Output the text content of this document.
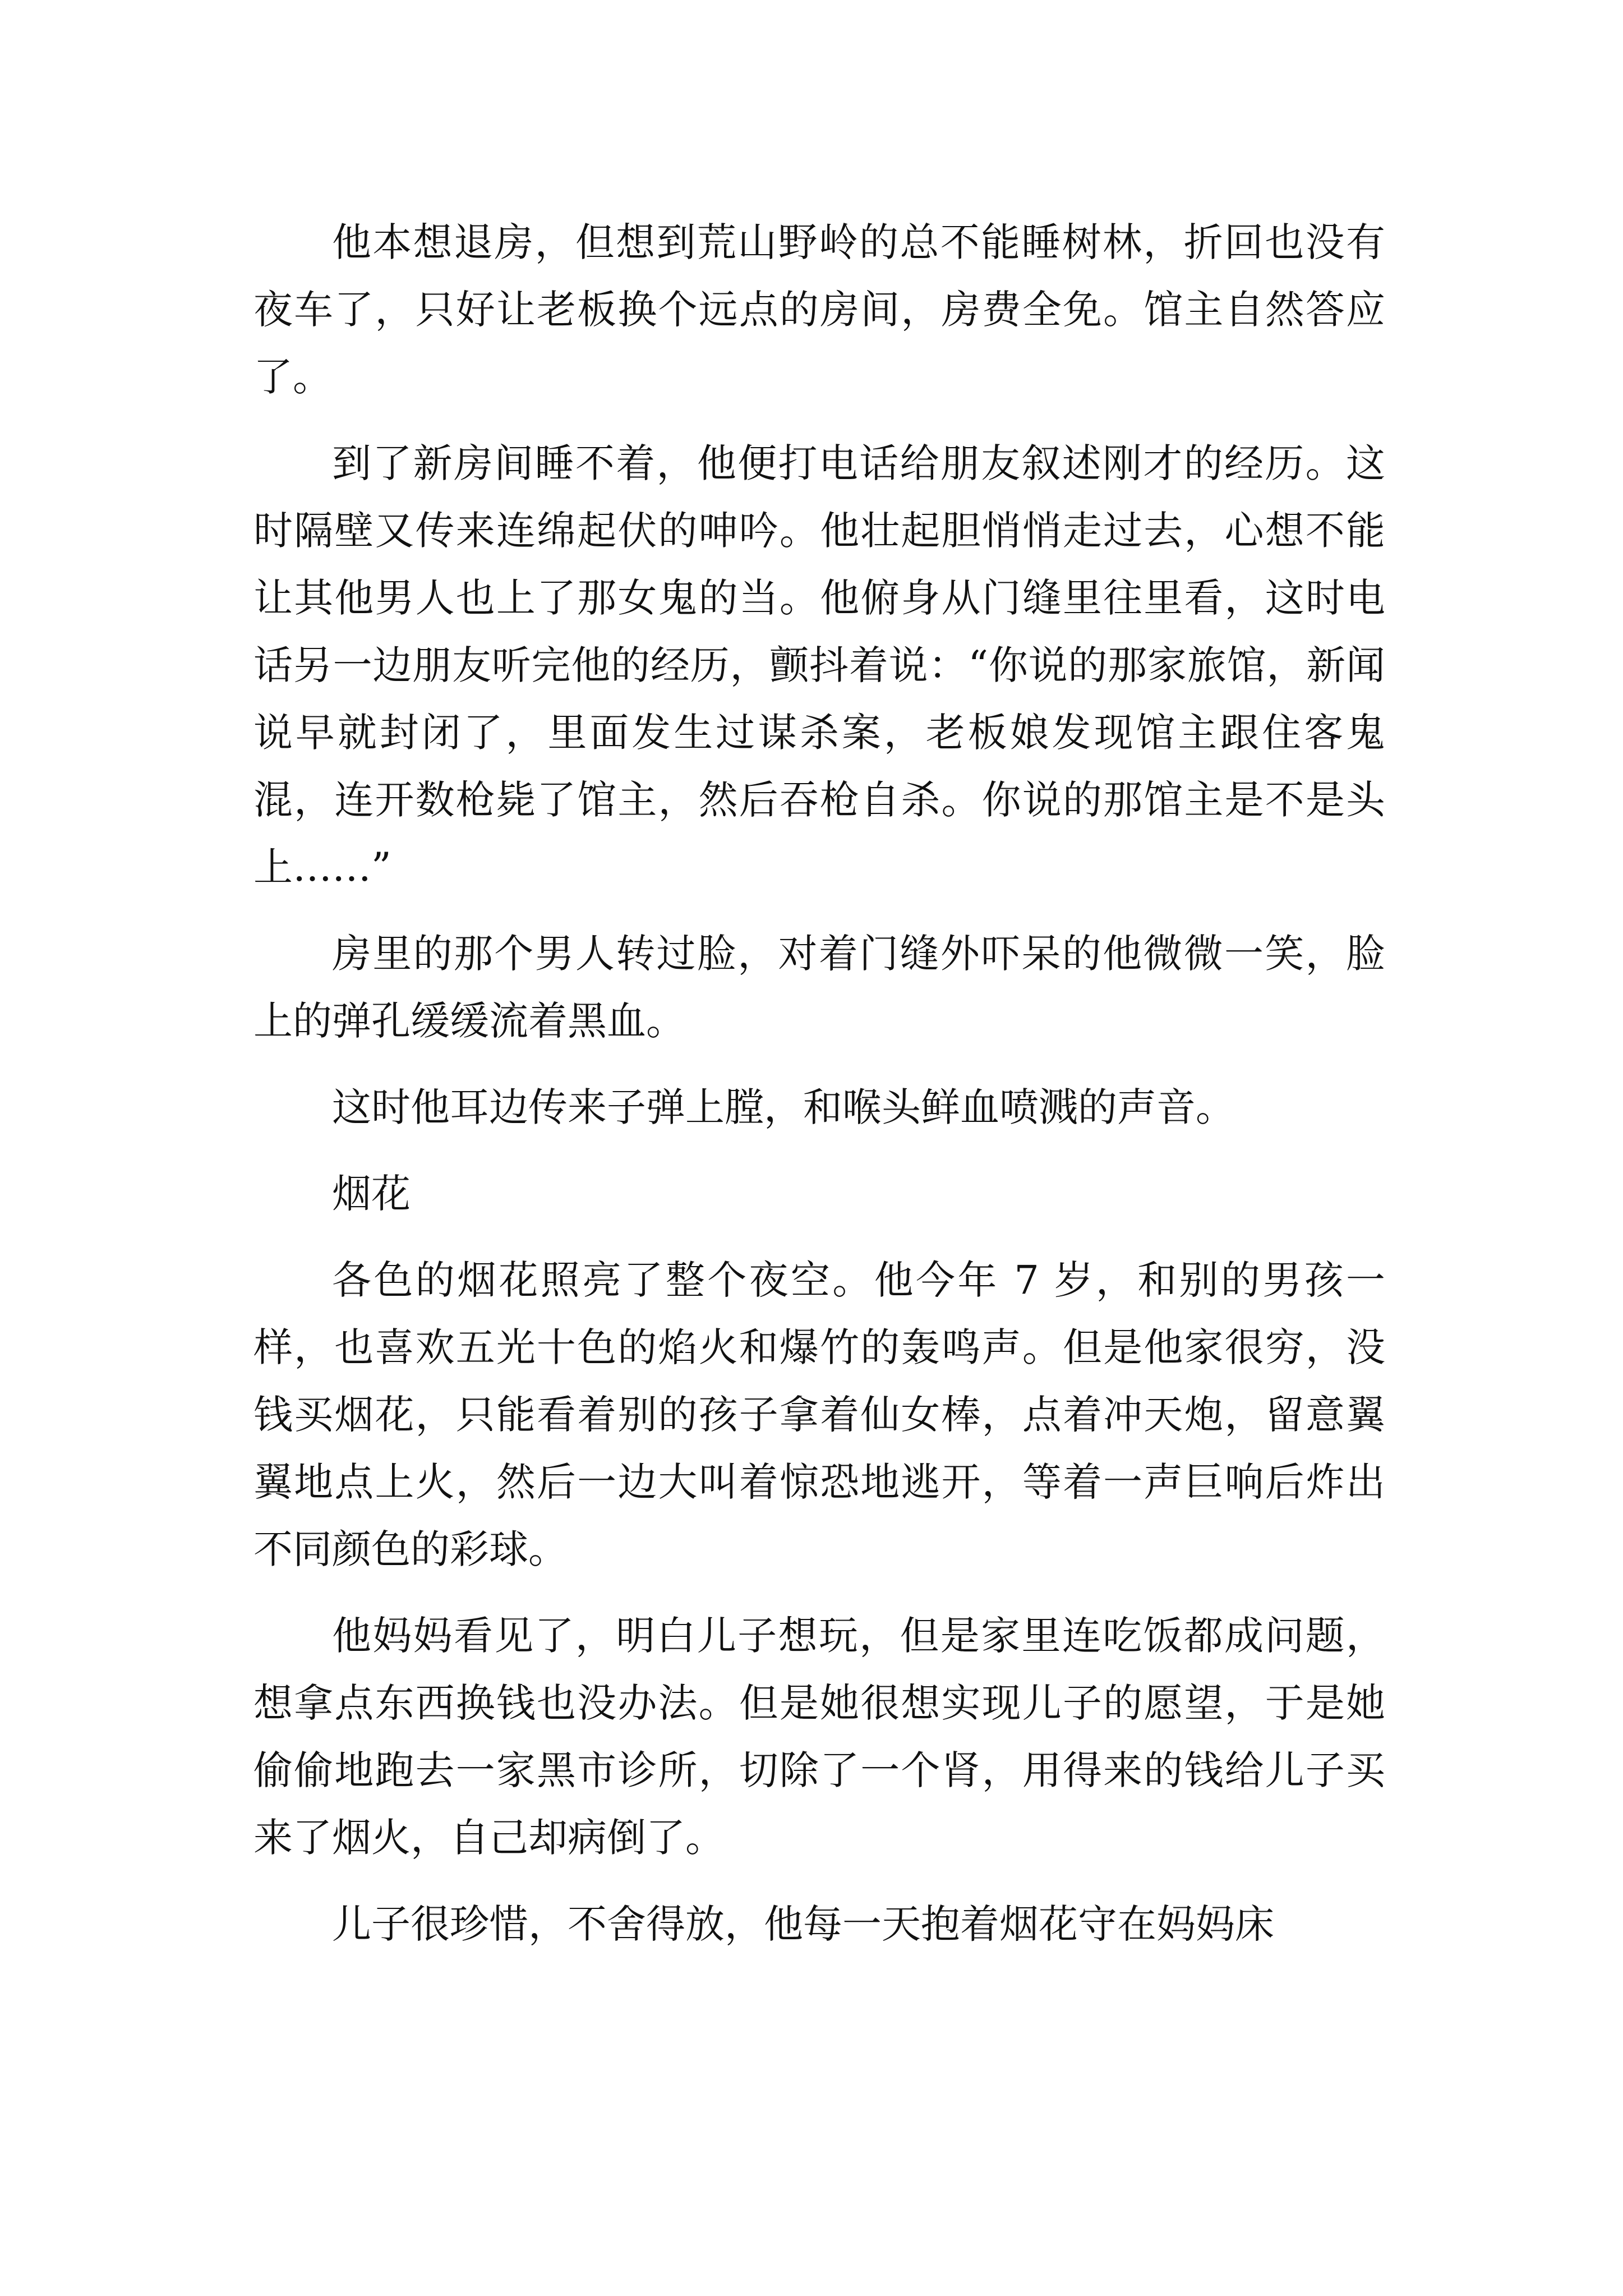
他本想退房，但想到荒山野岭的总不能睡树林，折回也没有夜车了，只好让老板换个远点的房间，房费全免。馆主自然答应了。

到了新房间睡不着，他便打电话给朋友叙述刚才的经历。这时隔壁又传来连绵起伏的呻吟。他壮起胆悄悄走过去，心想不能让其他男人也上了那女鬼的当。他俯身从门缝里往里看，这时电话另一边朋友听完他的经历，颤抖着说：“你说的那家旅馆，新闻说早就封闭了，里面发生过谋杀案，老板娘发现馆主跟住客鬼混，连开数枪毙了馆主，然后吞枪自杀。你说的那馆主是不是头上……”

房里的那个男人转过脸，对着门缝外吓呆的他微微一笑，脸上的弹孔缓缓流着黑血。

这时他耳边传来子弹上膛，和喉头鲜血喷溅的声音。

烟花

各色的烟花照亮了整个夜空。他今年 7 岁，和别的男孩一样，也喜欢五光十色的焰火和爆竹的轰鸣声。但是他家很穷，没钱买烟花，只能看着别的孩子拿着仙女棒，点着冲天炮，留意翼翼地点上火，然后一边大叫着惊恐地逃开，等着一声巨响后炸出不同颜色的彩球。

他妈妈看见了，明白儿子想玩，但是家里连吃饭都成问题，想拿点东西换钱也没办法。但是她很想实现儿子的愿望，于是她偷偷地跑去一家黑市诊所，切除了一个肾，用得来的钱给儿子买来了烟火，自己却病倒了。

儿子很珍惜，不舍得放，他每一天抱着烟花守在妈妈床
